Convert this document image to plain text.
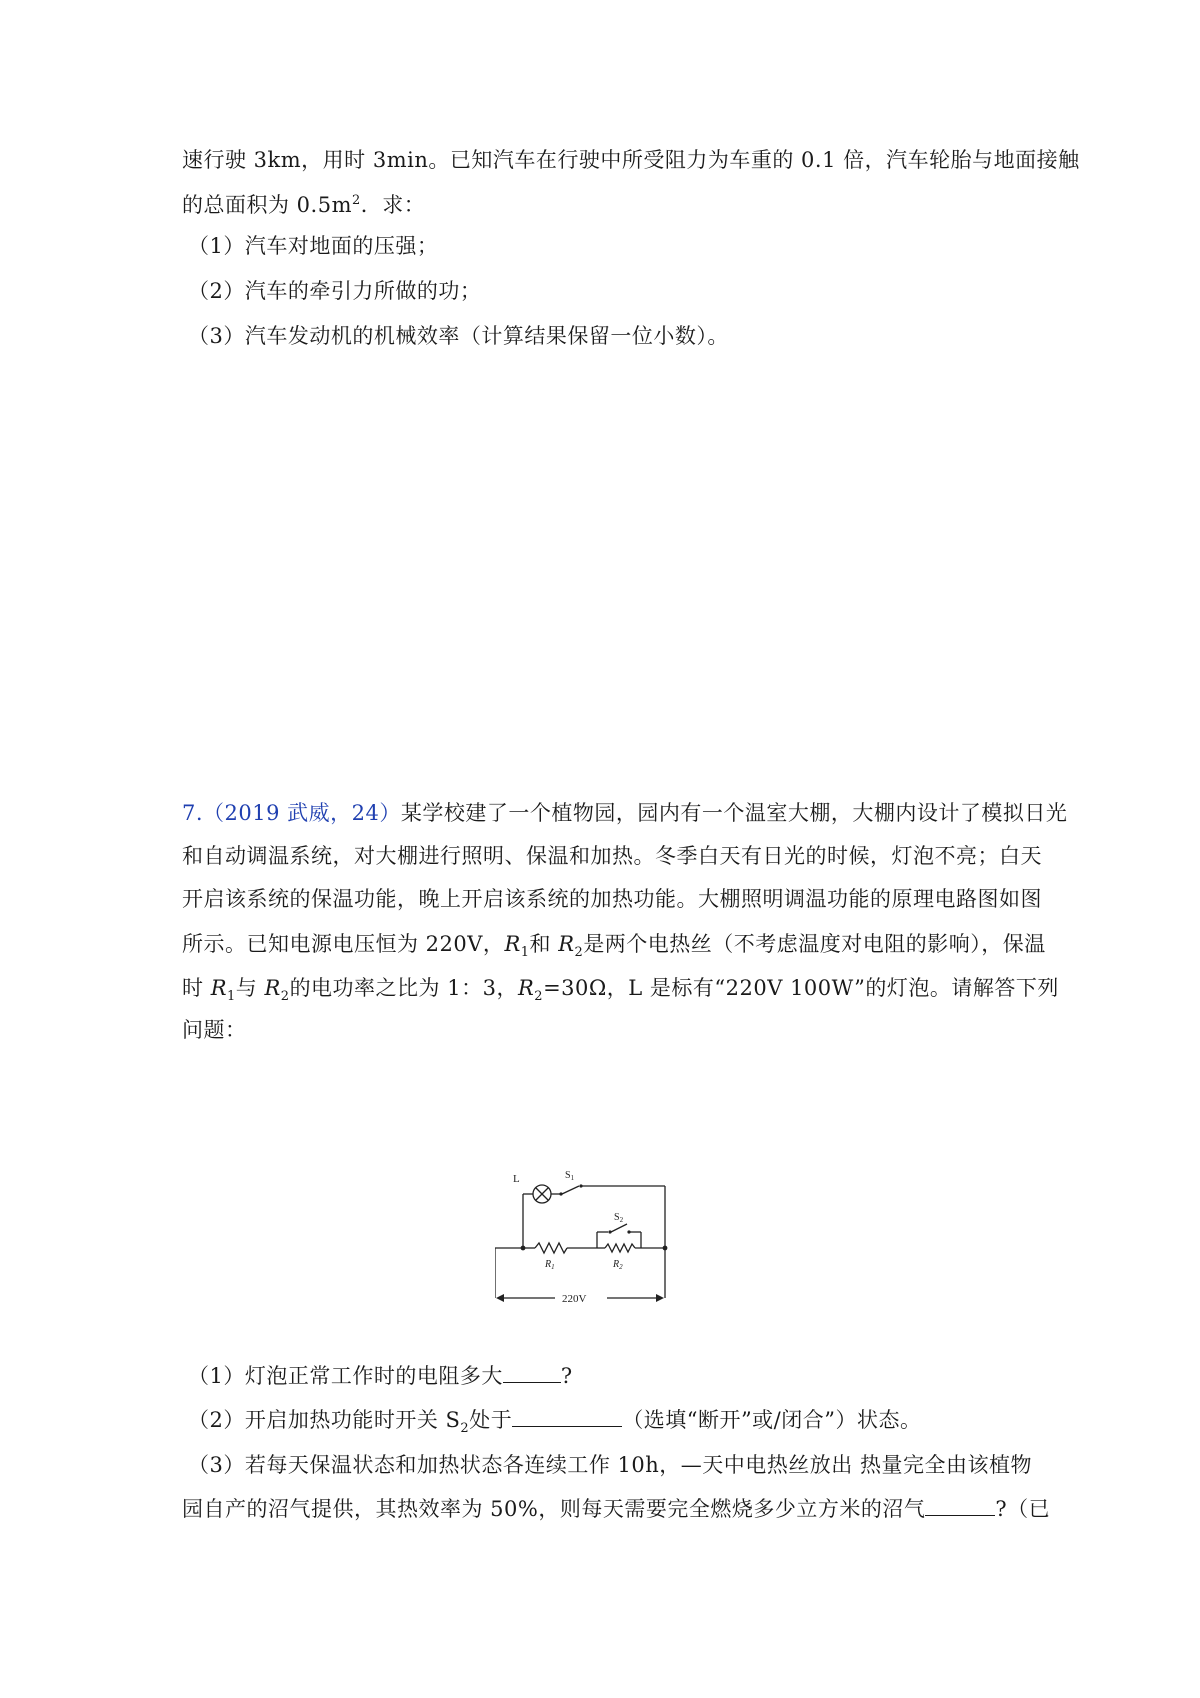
速行驶 3km，用时 3min。已知汽车在行驶中所受阻力为车重的 0.1 倍，汽车轮胎与地面接触
的总面积为 $0.5m^2$．求：
（1）汽车对地面的压强；
（2）汽车的牵引力所做的功；
（3）汽车发动机的机械效率（计算结果保留一位小数）。
7.（2019 武威，24）某学校建了一个植物园，园内有一个温室大棚，大棚内设计了模拟日光
和自动调温系统，对大棚进行照明、保温和加热。冬季白天有日光的时候，灯泡不亮；白天
开启该系统的保温功能，晚上开启该系统的加热功能。大棚照明调温功能的原理电路图如图
所示。已知电源电压恒为 220V，$R_1$和 $R_2$是两个电热丝（不考虑温度对电阻的影响），保温
时 $R_1$与 $R_2$的电功率之比为 1：3，$R_2=30\Omega$，L 是标有“220V 100W”的灯泡。请解答下列
问题：
L	$S_1$
$S_2$
$R_1$	$R_2$
220V
（1）灯泡正常工作时的电阻多大	?
（2）开启加热功能时开关 $S_2$处于	（选填“断开”或/闭合”）状态。
（3）若每天保温状态和加热状态各连续工作 10h，—天中电热丝放出 热量完全由该植物
园自产的沼气提供，其热效率为 50%，则每天需要完全燃烧多少立方米的沼气	?（已
